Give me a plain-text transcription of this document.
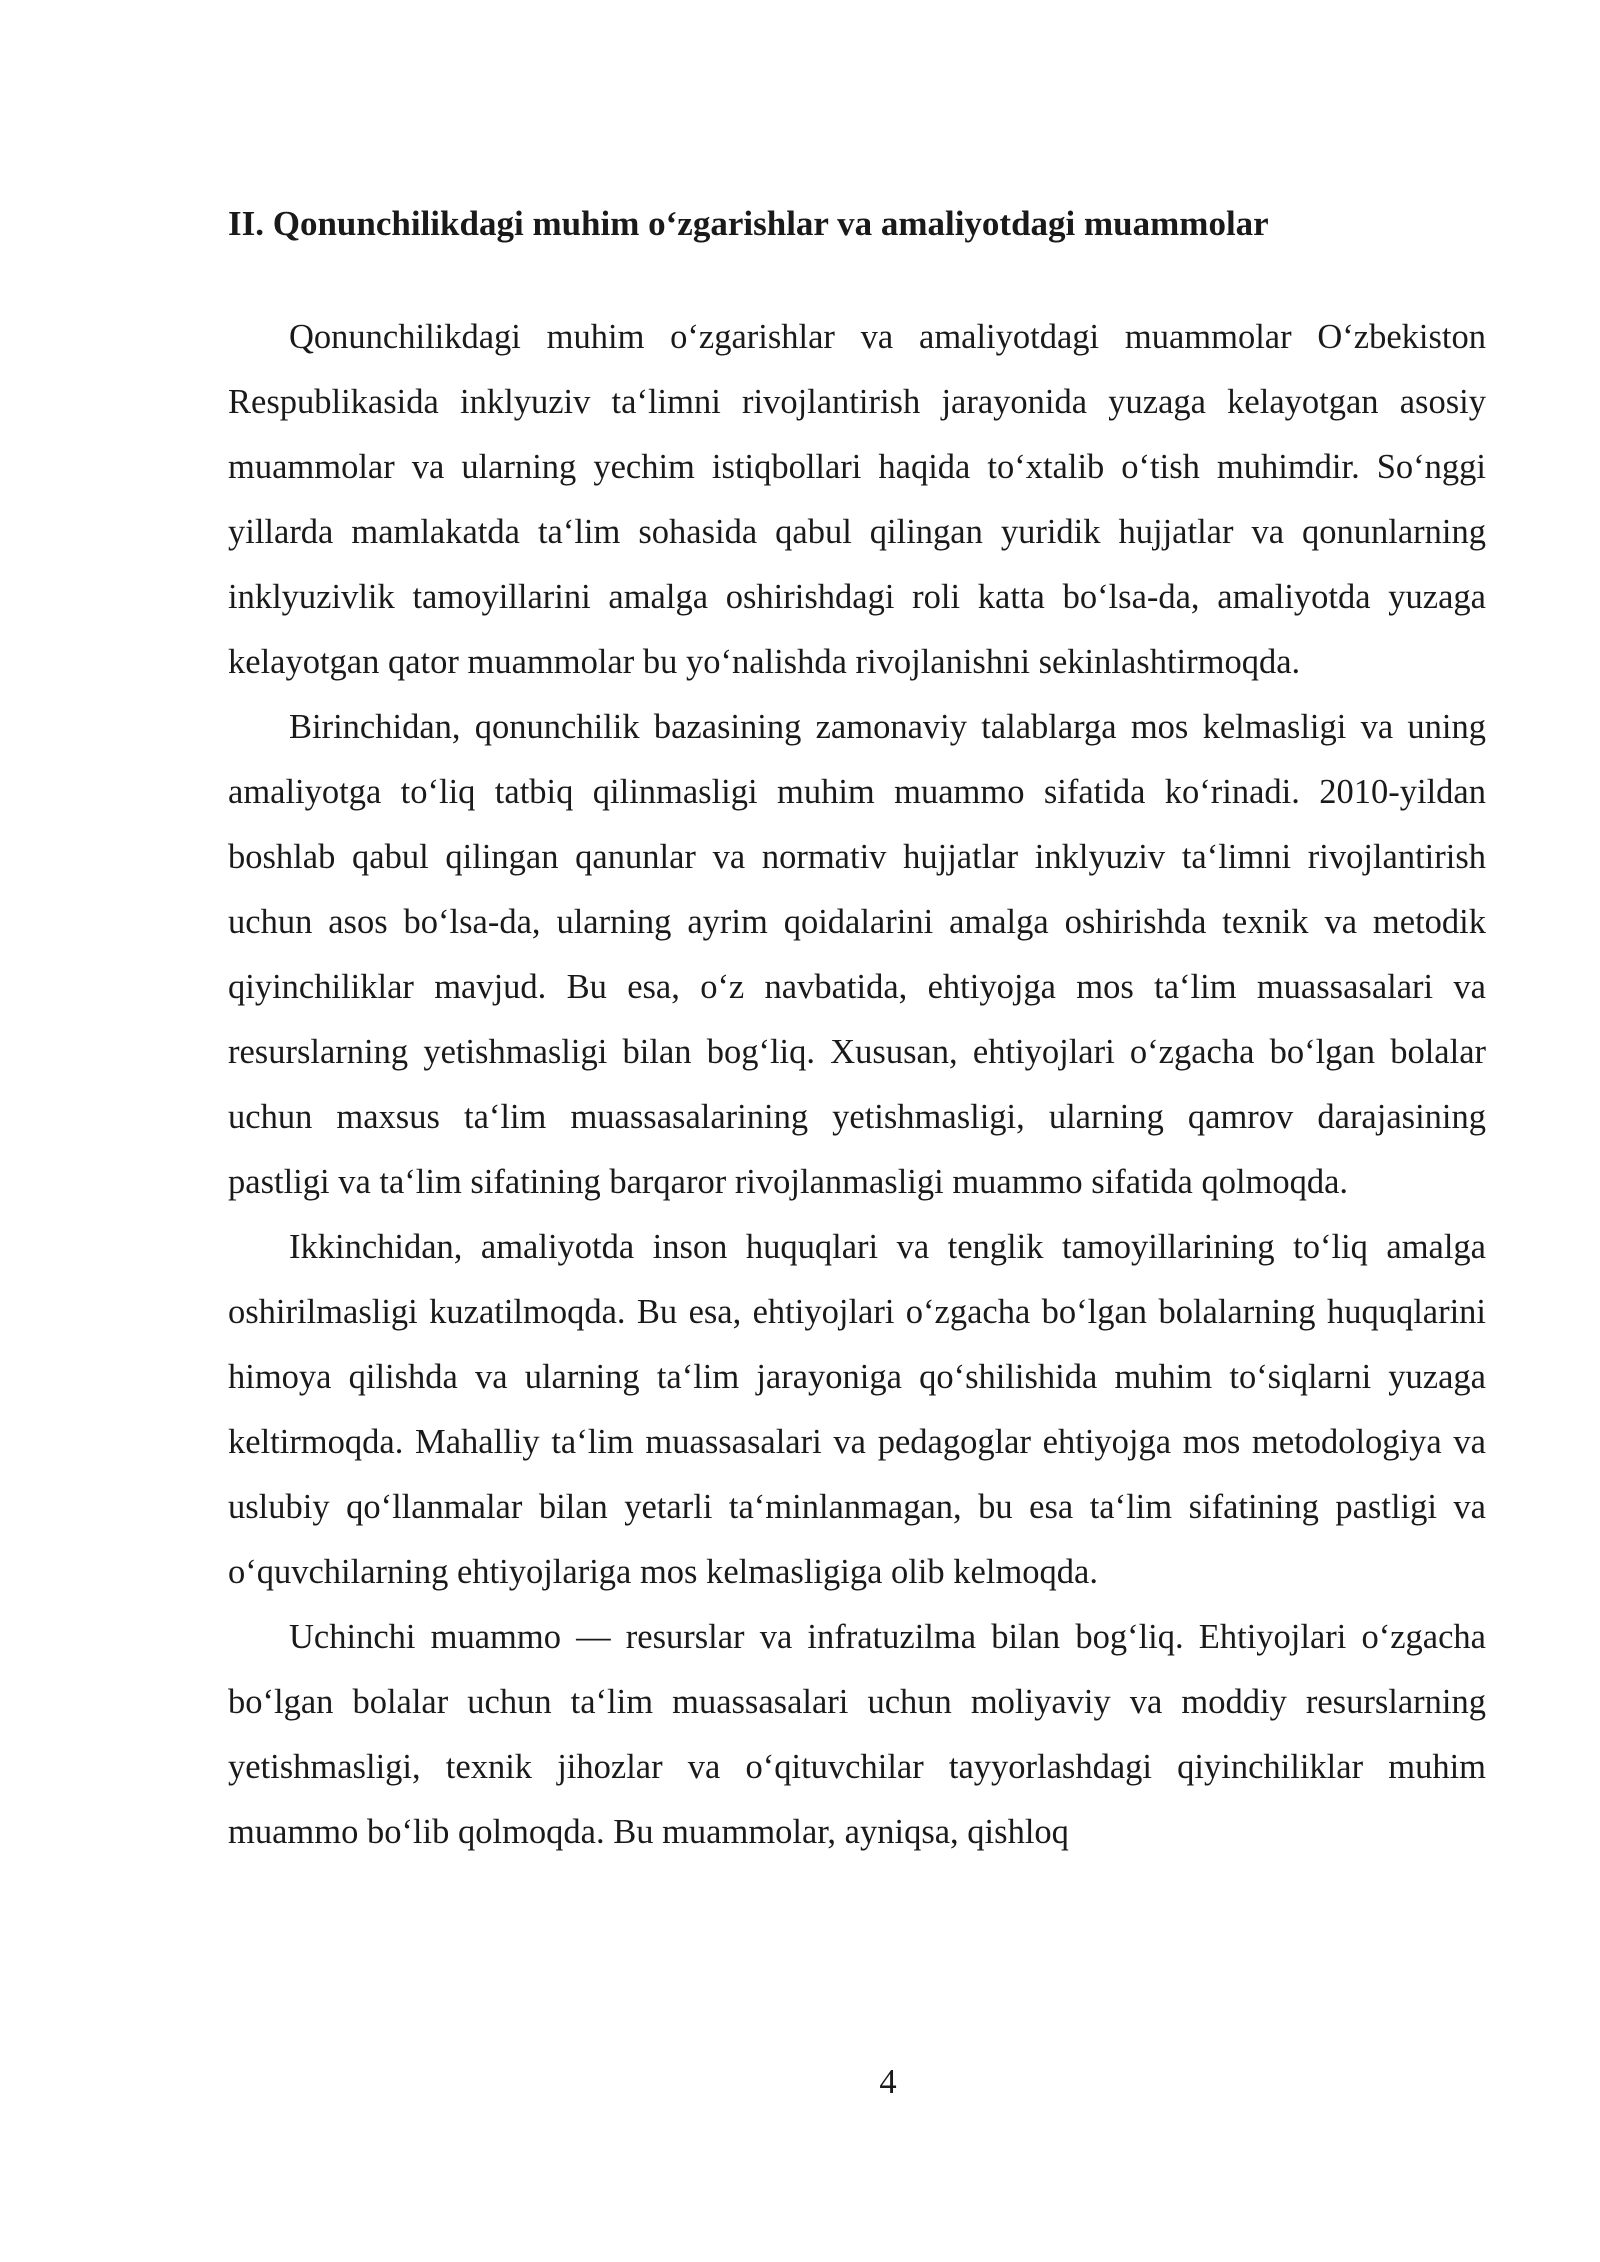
II. Qonunchilikdagi muhim o‘zgarishlar va amaliyotdagi muammolar

Qonunchilikdagi muhim o‘zgarishlar va amaliyotdagi muammolar O‘zbekiston Respublikasida inklyuziv ta‘limni rivojlantirish jarayonida yuzaga kelayotgan asosiy muammolar va ularning yechim istiqbollari haqida to‘xtalib o‘tish muhimdir. So‘nggi yillarda mamlakatda ta‘lim sohasida qabul qilingan yuridik hujjatlar va qonunlarning inklyuzivlik tamoyillarini amalga oshirishdagi roli katta bo‘lsa-da, amaliyotda yuzaga kelayotgan qator muammolar bu yo‘nalishda rivojlanishni sekinlashtirmoqda.

Birinchidan, qonunchilik bazasining zamonaviy talablarga mos kelmasligi va uning amaliyotga to‘liq tatbiq qilinmasligi muhim muammo sifatida ko‘rinadi. 2010-yildan boshlab qabul qilingan qanunlar va normativ hujjatlar inklyuziv ta‘limni rivojlantirish uchun asos bo‘lsa-da, ularning ayrim qoidalarini amalga oshirishda texnik va metodik qiyinchiliklar mavjud. Bu esa, o‘z navbatida, ehtiyojga mos ta‘lim muassasalari va resurslarning yetishmasligi bilan bog‘liq. Xususan, ehtiyojlari o‘zgacha bo‘lgan bolalar uchun maxsus ta‘lim muassasalarining yetishmasligi, ularning qamrov darajasining pastligi va ta‘lim sifatining barqaror rivojlanmasligi muammo sifatida qolmoqda.

Ikkinchidan, amaliyotda inson huquqlari va tenglik tamoyillarining to‘liq amalga oshirilmasligi kuzatilmoqda. Bu esa, ehtiyojlari o‘zgacha bo‘lgan bolalarning huquqlarini himoya qilishda va ularning ta‘lim jarayoniga qo‘shilishida muhim to‘siqlarni yuzaga keltirmoqda. Mahalliy ta‘lim muassasalari va pedagoglar ehtiyojga mos metodologiya va uslubiy qo‘llanmalar bilan yetarli ta‘minlanmagan, bu esa ta‘lim sifatining pastligi va o‘quvchilarning ehtiyojlariga mos kelmasligiga olib kelmoqda.

Uchinchi muammo — resurslar va infratuzilma bilan bog‘liq. Ehtiyojlari o‘zgacha bo‘lgan bolalar uchun ta‘lim muassasalari uchun moliyaviy va moddiy resurslarning yetishmasligi, texnik jihozlar va o‘qituvchilar tayyorlashdagi qiyinchiliklar muhim muammo bo‘lib qolmoqda. Bu muammolar, ayniqsa, qishloq

4
